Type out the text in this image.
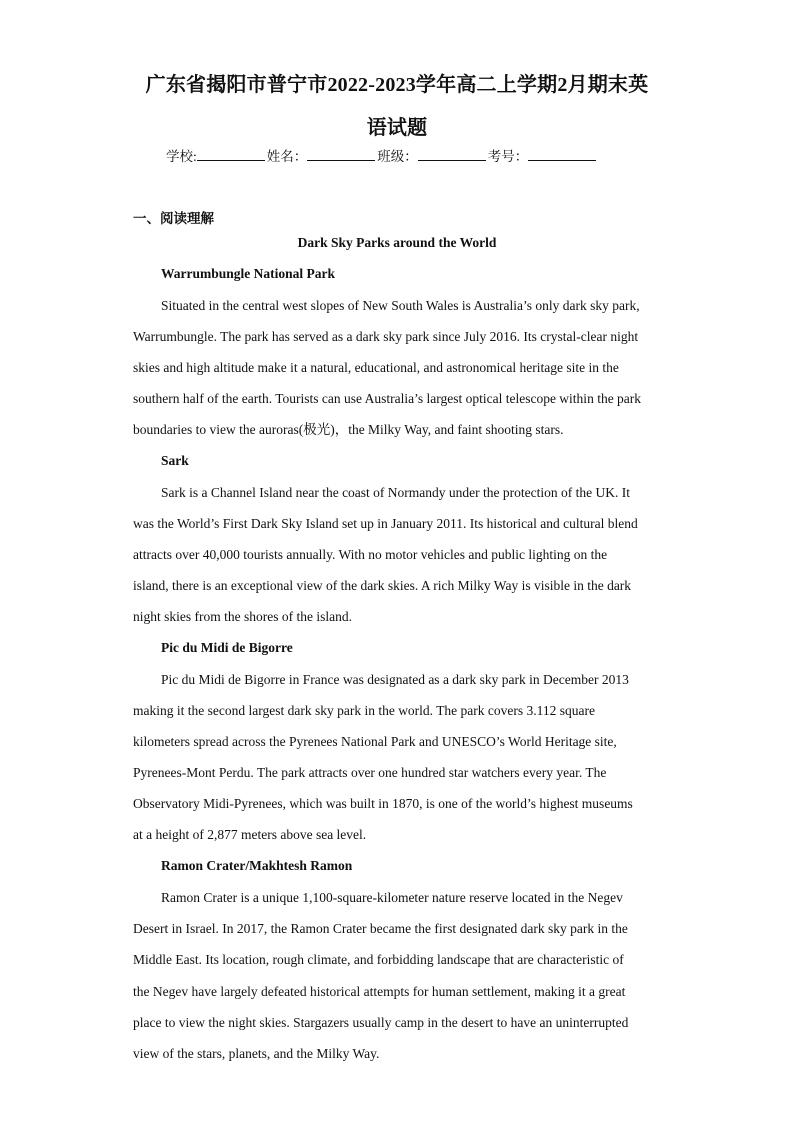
广东省揭阳市普宁市2022-2023学年高二上学期2月期末英
语试题
学校:	姓名：	班级：	考号：
一、阅读理解
Dark Sky Parks around the World
Warrumbungle National Park
Situated in the central west slopes of New South Wales is Australia’s only dark sky park,
Warrumbungle. The park has served as a dark sky park since July 2016. Its crystal-clear night
skies and high altitude make it a natural, educational, and astronomical heritage site in the
southern half of the earth. Tourists can use Australia’s largest optical telescope within the park
boundaries to view the auroras(极光)，the Milky Way, and faint shooting stars.
Sark
Sark is a Channel Island near the coast of Normandy under the protection of the UK. It
was the World’s First Dark Sky Island set up in January 2011. Its historical and cultural blend
attracts over 40,000 tourists annually. With no motor vehicles and public lighting on the
island, there is an exceptional view of the dark skies. A rich Milky Way is visible in the dark
night skies from the shores of the island.
Pic du Midi de Bigorre
Pic du Midi de Bigorre in France was designated as a dark sky park in December 2013
making it the second largest dark sky park in the world. The park covers 3.112 square
kilometers spread across the Pyrenees National Park and UNESCO’s World Heritage site,
Pyrenees-Mont Perdu. The park attracts over one hundred star watchers every year. The
Observatory Midi-Pyrenees, which was built in 1870, is one of the world’s highest museums
at a height of 2,877 meters above sea level.
Ramon Crater/Makhtesh Ramon
Ramon Crater is a unique 1,100-square-kilometer nature reserve located in the Negev
Desert in Israel. In 2017, the Ramon Crater became the first designated dark sky park in the
Middle East. Its location, rough climate, and forbidding landscape that are characteristic of
the Negev have largely defeated historical attempts for human settlement, making it a great
place to view the night skies. Stargazers usually camp in the desert to have an uninterrupted
view of the stars, planets, and the Milky Way.
